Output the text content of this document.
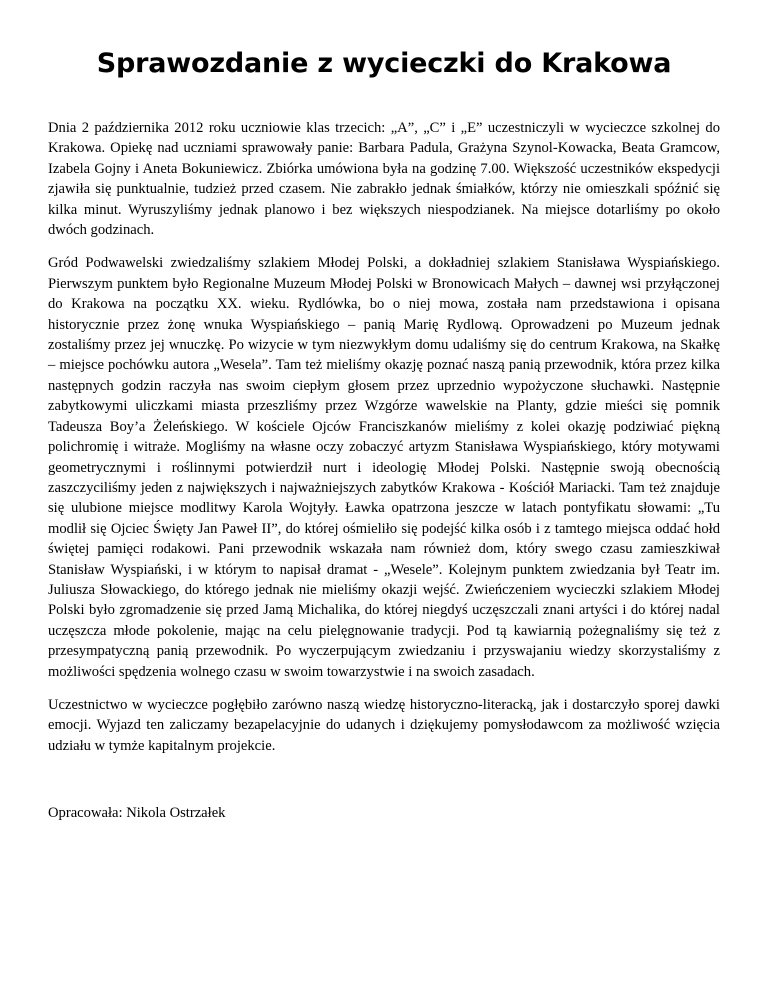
Sprawozdanie z wycieczki do Krakowa

Dnia 2 października 2012 roku uczniowie klas trzecich: „A”, „C” i „E” uczestniczyli w wycieczce szkolnej do Krakowa. Opiekę nad uczniami sprawowały panie: Barbara Padula, Grażyna Szynol-Kowacka, Beata Gramcow, Izabela Gojny i Aneta Bokuniewicz. Zbiórka umówiona była na godzinę 7.00. Większość uczestników ekspedycji zjawiła się punktualnie, tudzież przed czasem. Nie zabrakło jednak śmiałków, którzy nie omieszkali spóźnić się kilka minut. Wyruszyliśmy jednak planowo i bez większych niespodzianek. Na miejsce dotarliśmy po około dwóch godzinach.

Gród Podwawelski zwiedzaliśmy szlakiem Młodej Polski, a dokładniej szlakiem Stanisława Wyspiańskiego. Pierwszym punktem było Regionalne Muzeum Młodej Polski w Bronowicach Małych – dawnej wsi przyłączonej do Krakowa na początku XX. wieku. Rydlówka, bo o niej mowa, została nam przedstawiona i opisana historycznie przez żonę wnuka Wyspiańskiego – panią Marię Rydlową. Oprowadzeni po Muzeum jednak zostaliśmy przez jej wnuczkę. Po wizycie w tym niezwykłym domu udaliśmy się do centrum Krakowa, na Skałkę – miejsce pochówku autora „Wesela”. Tam też mieliśmy okazję poznać naszą panią przewodnik, która przez kilka następnych godzin raczyła nas swoim ciepłym głosem przez uprzednio wypożyczone słuchawki. Następnie zabytkowymi uliczkami miasta przeszliśmy przez Wzgórze wawelskie na Planty, gdzie mieści się pomnik Tadeusza Boy’a Żeleńskiego. W kościele Ojców Franciszkanów mieliśmy z kolei okazję podziwiać piękną polichromię i witraże. Mogliśmy na własne oczy zobaczyć artyzm Stanisława Wyspiańskiego, który motywami geometrycznymi i roślinnymi potwierdził nurt i ideologię Młodej Polski. Następnie swoją obecnością zaszczyciliśmy jeden z największych i najważniejszych zabytków Krakowa - Kościół Mariacki. Tam też znajduje się ulubione miejsce modlitwy Karola Wojtyły. Ławka opatrzona jeszcze w latach pontyfikatu słowami: „Tu modlił się Ojciec Święty Jan Paweł II”, do której ośmieliło się podejść kilka osób i z tamtego miejsca oddać hołd świętej pamięci rodakowi. Pani przewodnik wskazała nam również dom, który swego czasu zamieszkiwał Stanisław Wyspiański, i w którym to napisał dramat - „Wesele”. Kolejnym punktem zwiedzania był Teatr im. Juliusza Słowackiego, do którego jednak nie mieliśmy okazji wejść. Zwieńczeniem wycieczki szlakiem Młodej Polski było zgromadzenie się przed Jamą Michalika, do której niegdyś uczęszczali znani artyści i do której nadal uczęszcza młode pokolenie, mając na celu pielęgnowanie tradycji. Pod tą kawiarnią pożegnaliśmy się też z przesympatyczną panią przewodnik. Po wyczerpującym zwiedzaniu i przyswajaniu wiedzy skorzystaliśmy z możliwości spędzenia wolnego czasu w swoim towarzystwie i na swoich zasadach.

Uczestnictwo w wycieczce pogłębiło zarówno naszą wiedzę historyczno-literacką, jak i dostarczyło sporej dawki emocji. Wyjazd ten zaliczamy bezapelacyjnie do udanych i dziękujemy pomysłodawcom za możliwość wzięcia udziału w tymże kapitalnym projekcie.

Opracowała: Nikola Ostrzałek
